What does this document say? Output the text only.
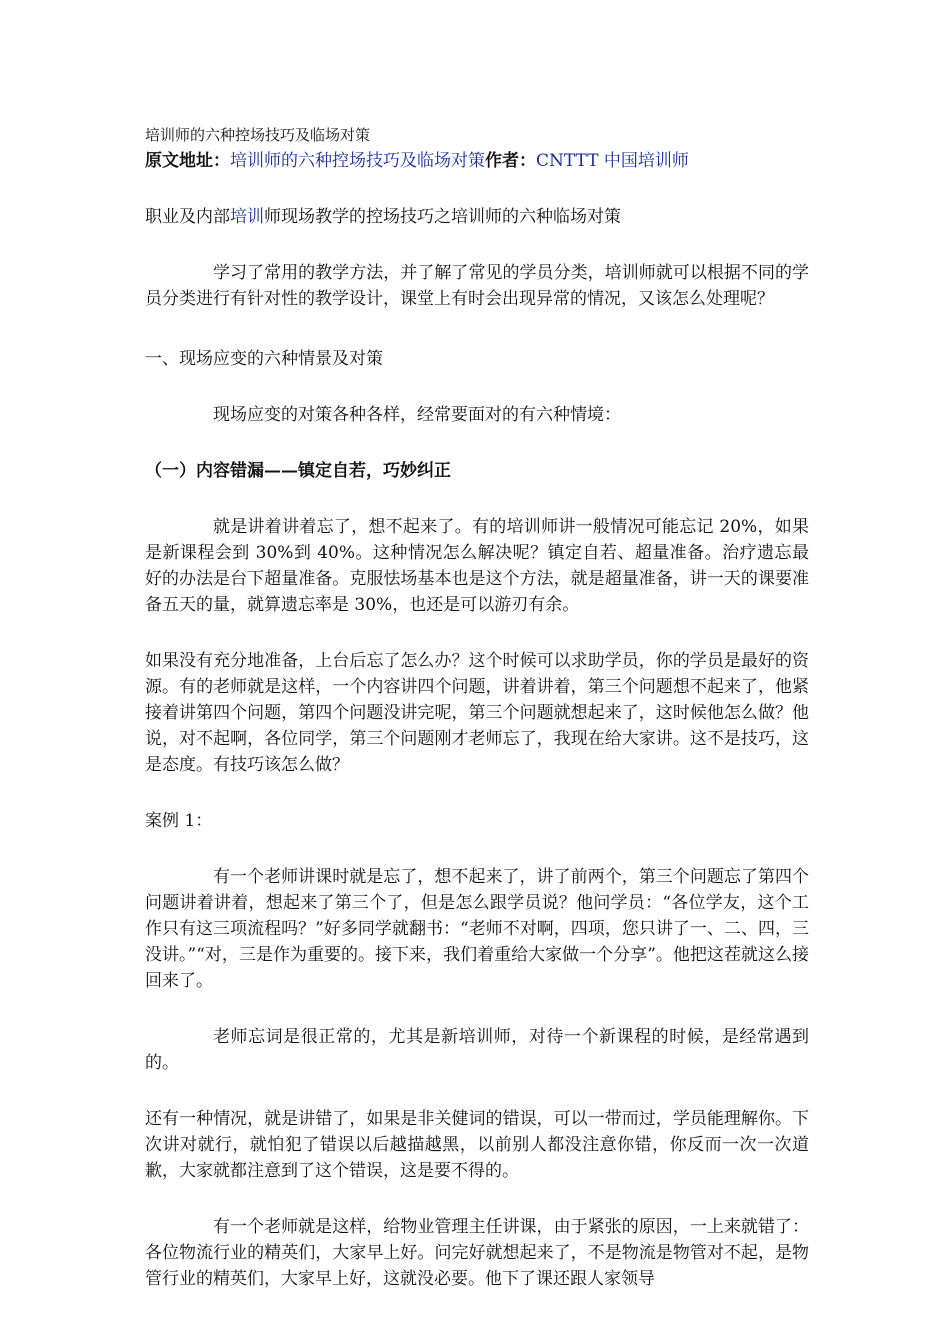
培训师的六种控场技巧及临场对策
原文地址：培训师的六种控场技巧及临场对策作者：CNTTT 中国培训师

职业及内部培训师现场教学的控场技巧之培训师的六种临场对策

学习了常用的教学方法，并了解了常见的学员分类，培训师就可以根据不同的学员分类进行有针对性的教学设计，课堂上有时会出现异常的情况，又该怎么处理呢？

一、现场应变的六种情景及对策

现场应变的对策各种各样，经常要面对的有六种情境：

（一）内容错漏——镇定自若，巧妙纠正

就是讲着讲着忘了，想不起来了。有的培训师讲一般情况可能忘记 20%，如果是新课程会到 30%到 40%。这种情况怎么解决呢？镇定自若、超量准备。治疗遗忘最好的办法是台下超量准备。克服怯场基本也是这个方法，就是超量准备，讲一天的课要准备五天的量，就算遗忘率是 30%，也还是可以游刃有余。

如果没有充分地准备，上台后忘了怎么办？这个时候可以求助学员，你的学员是最好的资源。有的老师就是这样，一个内容讲四个问题，讲着讲着，第三个问题想不起来了，他紧接着讲第四个问题，第四个问题没讲完呢，第三个问题就想起来了，这时候他怎么做？他说，对不起啊，各位同学，第三个问题刚才老师忘了，我现在给大家讲。这不是技巧，这是态度。有技巧该怎么做？

案例 1：

有一个老师讲课时就是忘了，想不起来了，讲了前两个，第三个问题忘了第四个问题讲着讲着，想起来了第三个了，但是怎么跟学员说？他问学员：“各位学友，这个工作只有这三项流程吗？”好多同学就翻书：“老师不对啊，四项，您只讲了一、二、四，三没讲。”“对，三是作为重要的。接下来，我们着重给大家做一个分享”。他把这茬就这么接回来了。

老师忘词是很正常的，尤其是新培训师，对待一个新课程的时候，是经常遇到的。

还有一种情况，就是讲错了，如果是非关健词的错误，可以一带而过，学员能理解你。下次讲对就行，就怕犯了错误以后越描越黑，以前别人都没注意你错，你反而一次一次道歉，大家就都注意到了这个错误，这是要不得的。

有一个老师就是这样，给物业管理主任讲课，由于紧张的原因，一上来就错了：各位物流行业的精英们，大家早上好。问完好就想起来了，不是物流是物管对不起，是物管行业的精英们，大家早上好，这就没必要。他下了课还跟人家领导
